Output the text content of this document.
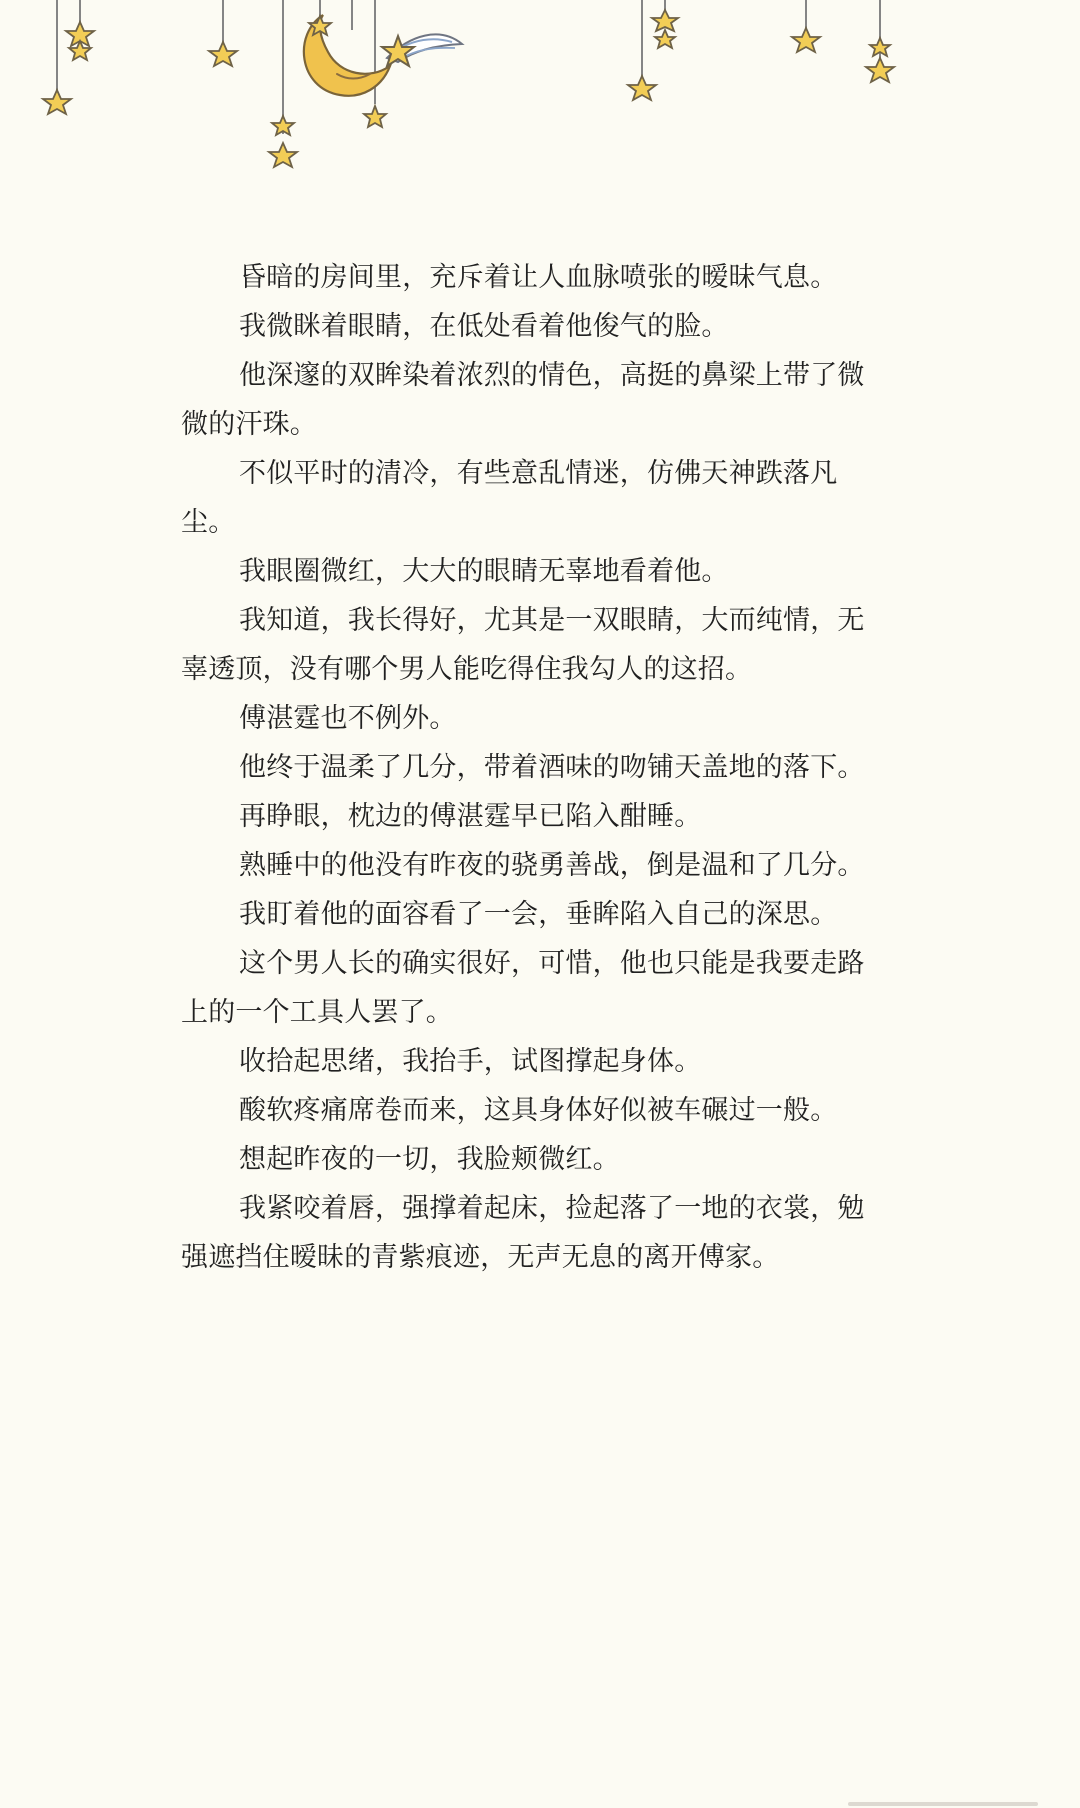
昏暗的房间里，充斥着让人血脉喷张的暧昧气息。

我微眯着眼睛，在低处看着他俊气的脸。

他深邃的双眸染着浓烈的情色，高挺的鼻梁上带了微微的汗珠。

不似平时的清冷，有些意乱情迷，仿佛天神跌落凡尘。

我眼圈微红，大大的眼睛无辜地看着他。

我知道，我长得好，尤其是一双眼睛，大而纯情，无辜透顶，没有哪个男人能吃得住我勾人的这招。

傅湛霆也不例外。

他终于温柔了几分，带着酒味的吻铺天盖地的落下。

再睁眼，枕边的傅湛霆早已陷入酣睡。

熟睡中的他没有昨夜的骁勇善战，倒是温和了几分。

我盯着他的面容看了一会，垂眸陷入自己的深思。

这个男人长的确实很好，可惜，他也只能是我要走路上的一个工具人罢了。

收拾起思绪，我抬手，试图撑起身体。

酸软疼痛席卷而来，这具身体好似被车碾过一般。

想起昨夜的一切，我脸颊微红。

我紧咬着唇，强撑着起床，捡起落了一地的衣裳，勉强遮挡住暧昧的青紫痕迹，无声无息的离开傅家。
